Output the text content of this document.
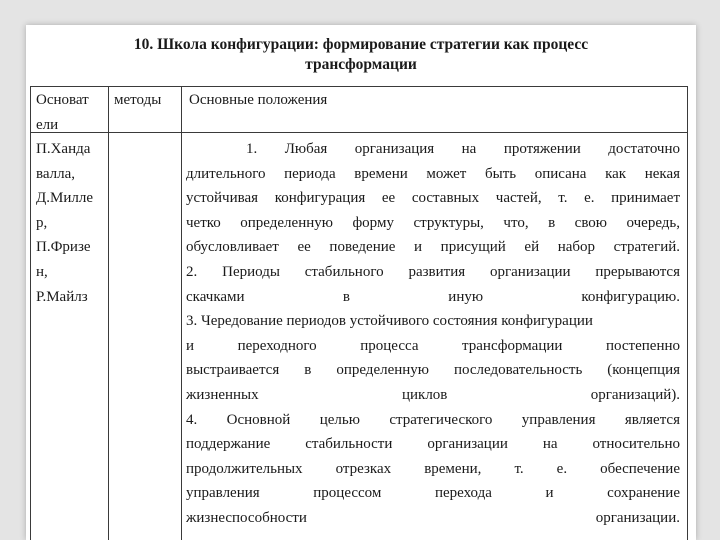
10. Школа конфигурации: формирование стратегии как процесс
трансформации
Основат
ели
методы	Основные положения
П.Ханда
валла,
Д.Милле
р,
П.Фризе
н,
Р.Майлз
1. Любая организация на протяжении достаточно
длительного периода времени может быть описана как некая
устойчивая конфигурация ее составных частей, т. е. принимает
четко определенную форму структуры, что, в свою очередь,
обусловливает ее поведение и присущий ей набор стратегий.
2. Периоды стабильного развития организации прерываются
скачками в иную конфигурацию.
3. Чередование периодов устойчивого состояния конфигурации
и переходного процесса трансформации постепенно
выстраивается в определенную последовательность (концепция
жизненных циклов организаций).
4. Основной целью стратегического управления является
поддержание стабильности организации на относительно
продолжительных отрезках времени, т. е. обеспечение
управления процессом перехода и сохранение
жизнеспособности организации.
